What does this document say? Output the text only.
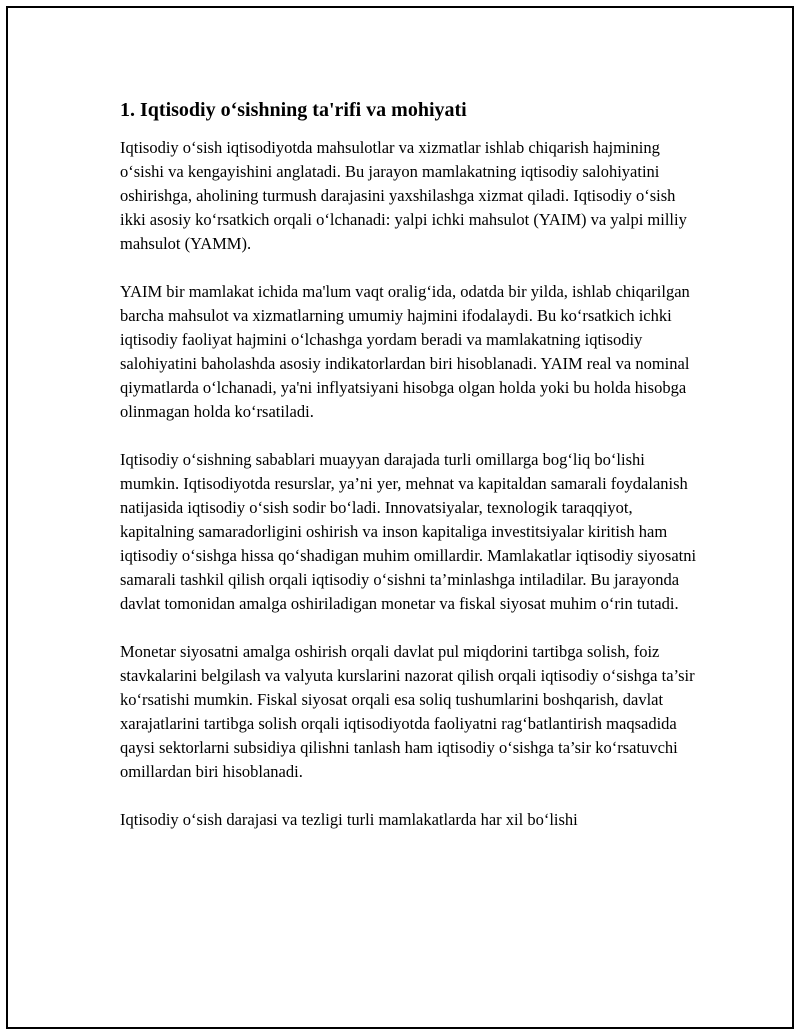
1. Iqtisodiy o‘sishning ta'rifi va mohiyati

Iqtisodiy o‘sish iqtisodiyotda mahsulotlar va xizmatlar ishlab chiqarish hajmining o‘sishi va kengayishini anglatadi. Bu jarayon mamlakatning iqtisodiy salohiyatini oshirishga, aholining turmush darajasini yaxshilashga xizmat qiladi. Iqtisodiy o‘sish ikki asosiy ko‘rsatkich orqali o‘lchanadi: yalpi ichki mahsulot (YAIM) va yalpi milliy mahsulot (YAMM).

YAIM bir mamlakat ichida ma'lum vaqt oralig‘ida, odatda bir yilda, ishlab chiqarilgan barcha mahsulot va xizmatlarning umumiy hajmini ifodalaydi. Bu ko‘rsatkich ichki iqtisodiy faoliyat hajmini o‘lchashga yordam beradi va mamlakatning iqtisodiy salohiyatini baholashda asosiy indikatorlardan biri hisoblanadi. YAIM real va nominal qiymatlarda o‘lchanadi, ya'ni inflyatsiyani hisobga olgan holda yoki bu holda hisobga olinmagan holda ko‘rsatiladi.

Iqtisodiy o‘sishning sabablari muayyan darajada turli omillarga bog‘liq bo‘lishi mumkin. Iqtisodiyotda resurslar, ya’ni yer, mehnat va kapitaldan samarali foydalanish natijasida iqtisodiy o‘sish sodir bo‘ladi. Innovatsiyalar, texnologik taraqqiyot, kapitalning samaradorligini oshirish va inson kapitaliga investitsiyalar kiritish ham iqtisodiy o‘sishga hissa qo‘shadigan muhim omillardir. Mamlakatlar iqtisodiy siyosatni samarali tashkil qilish orqali iqtisodiy o‘sishni ta’minlashga intiladilar. Bu jarayonda davlat tomonidan amalga oshiriladigan monetar va fiskal siyosat muhim o‘rin tutadi.

Monetar siyosatni amalga oshirish orqali davlat pul miqdorini tartibga solish, foiz stavkalarini belgilash va valyuta kurslarini nazorat qilish orqali iqtisodiy o‘sishga ta’sir ko‘rsatishi mumkin. Fiskal siyosat orqali esa soliq tushumlarini boshqarish, davlat xarajatlarini tartibga solish orqali iqtisodiyotda faoliyatni rag‘batlantirish maqsadida qaysi sektorlarni subsidiya qilishni tanlash ham iqtisodiy o‘sishga ta’sir ko‘rsatuvchi omillardan biri hisoblanadi.

Iqtisodiy o‘sish darajasi va tezligi turli mamlakatlarda har xil bo‘lishi
